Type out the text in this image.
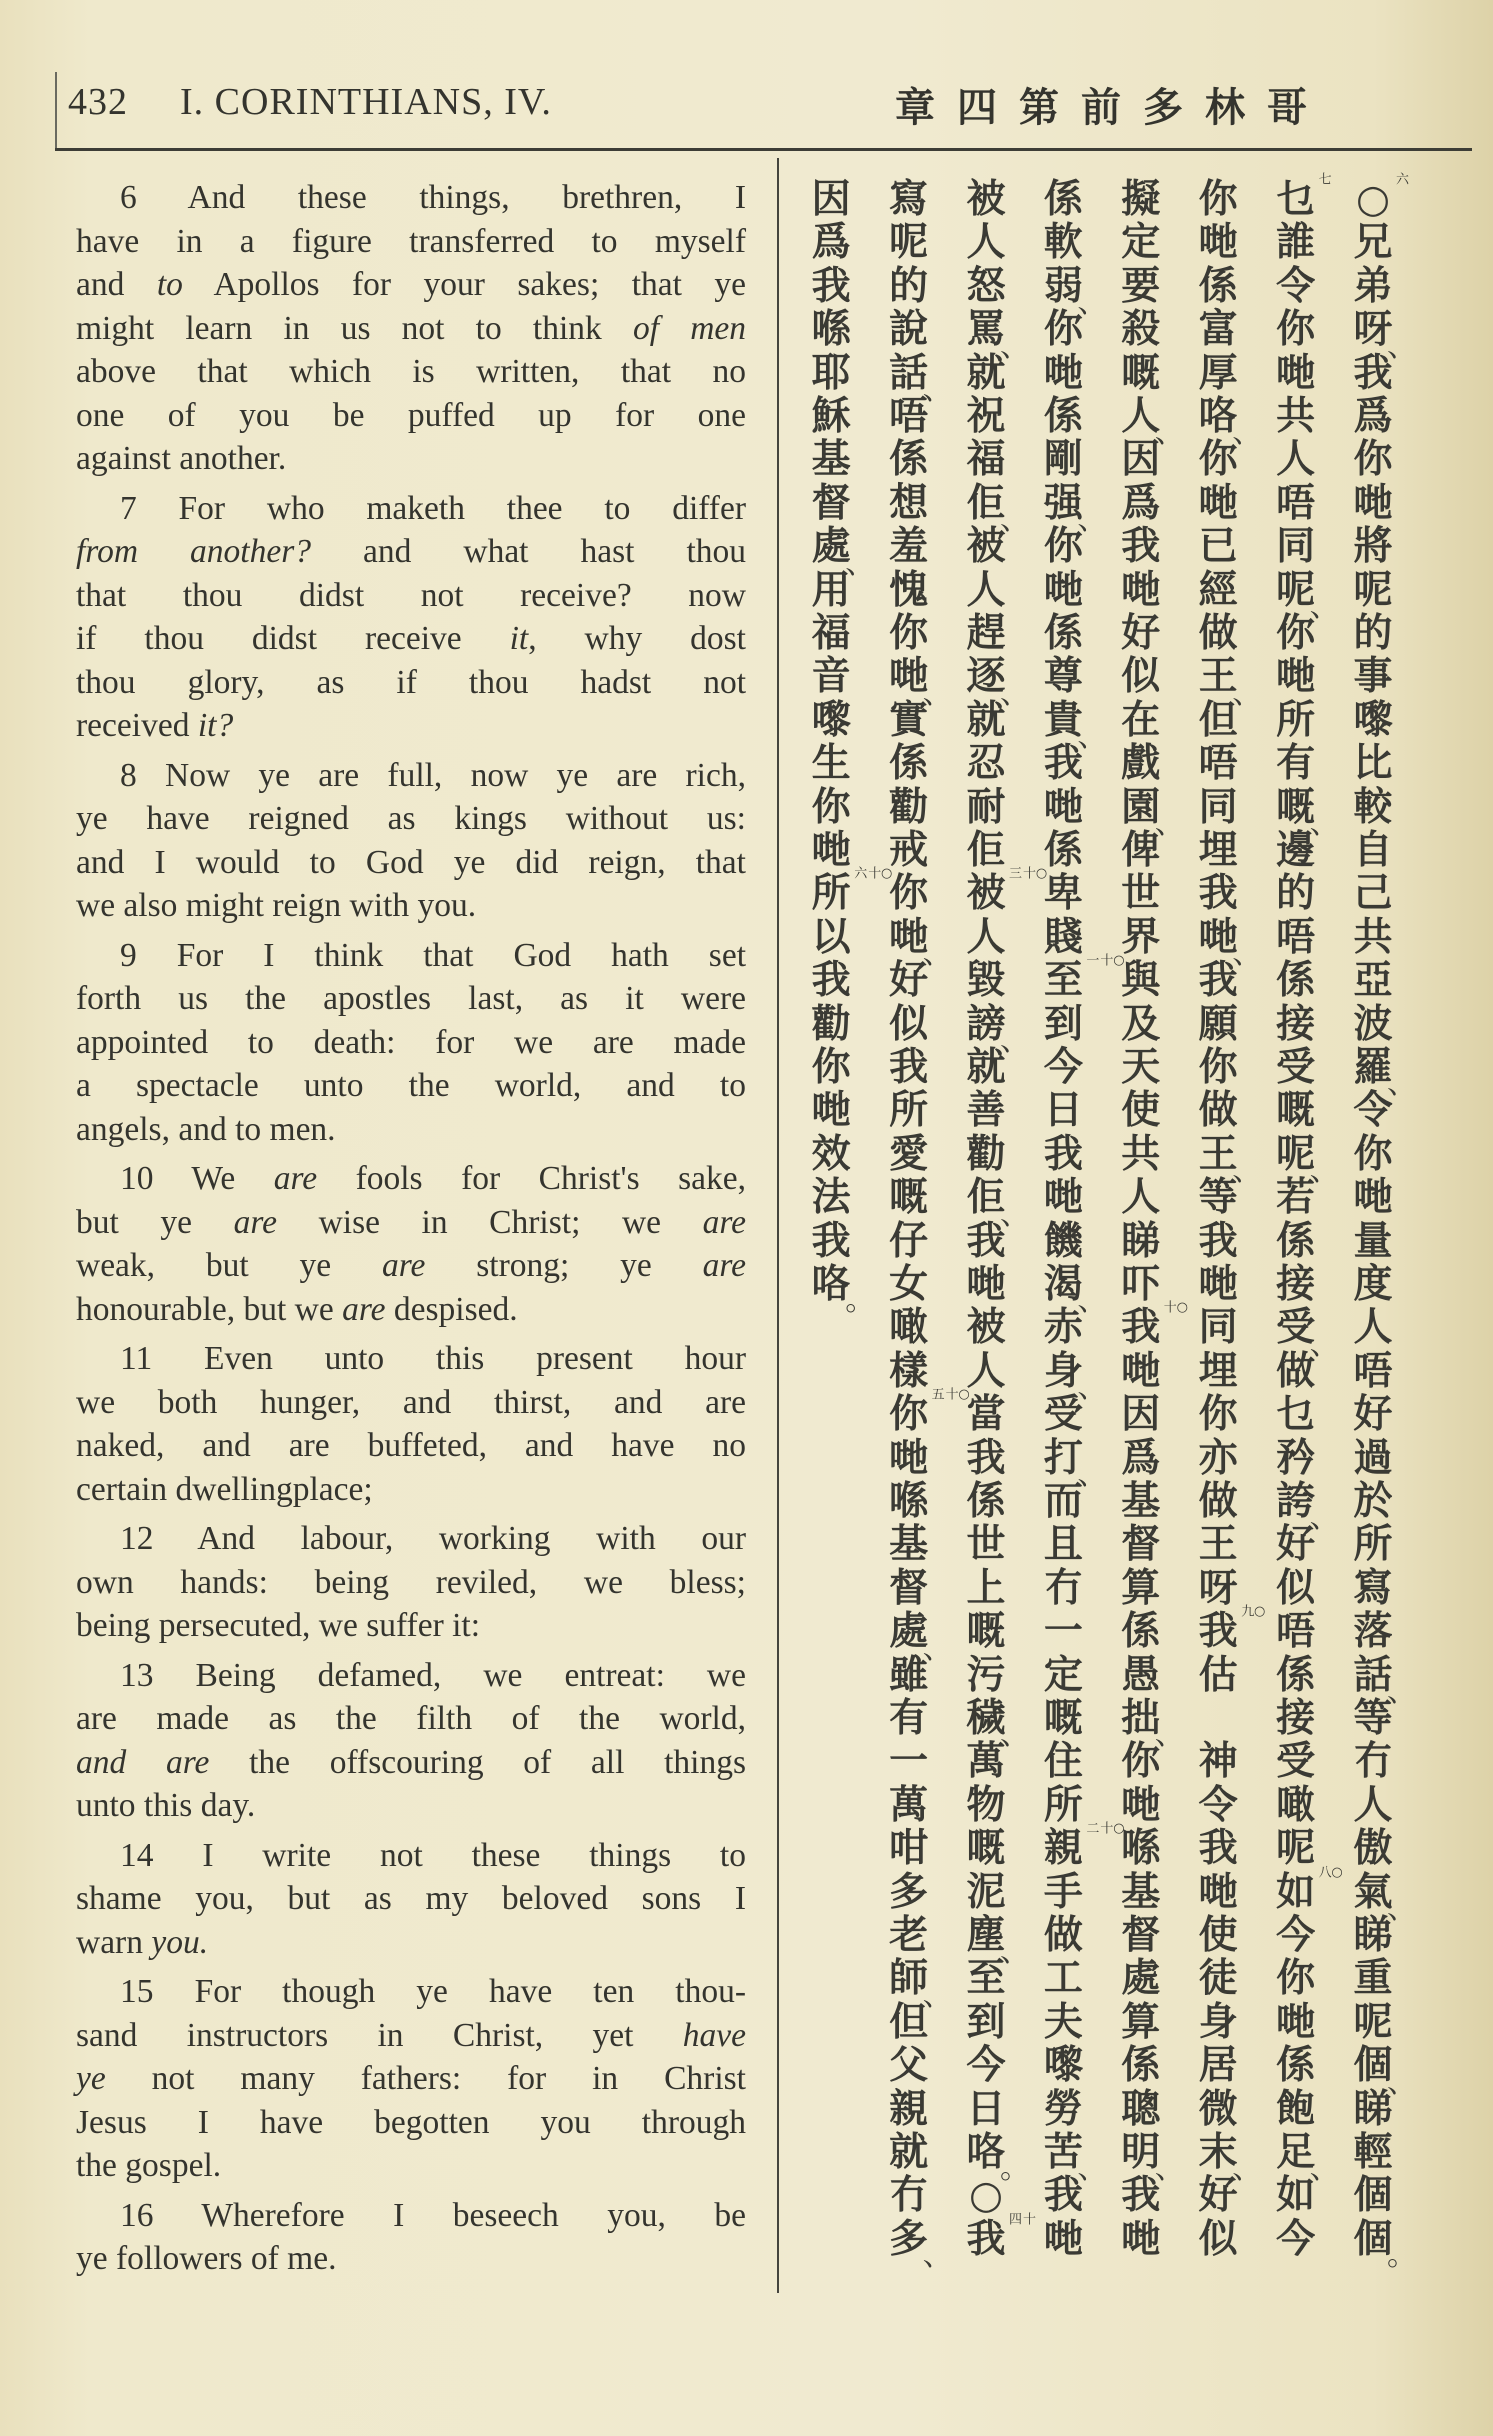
432 I. CORINTHIANS, IV.	章四第前多林哥
6 And these things, brethren, I
have in a figure transferred to myself
and to Apollos for your sakes; that ye
might learn in us not to think of men
above that which is written, that no
one of you be puffed up for one
against another.
7 For who maketh thee to differ
from another? and what hast thou
that thou didst not receive? now
if thou didst receive it, why dost
thou glory, as if thou hadst not
received it?
8 Now ye are full, now ye are rich,
ye have reigned as kings without us:
and I would to God ye did reign, that
we also might reign with you.
9 For I think that God hath set
forth us the apostles last, as it were
appointed to death: for we are made
a spectacle unto the world, and to
angels, and to men.
10 We are fools for Christ's sake,
but ye are wise in Christ; we are
weak, but ye are strong; ye are
honourable, but we are despised.
11 Even unto this present hour
we both hunger, and thirst, and are
naked, and are buffeted, and have no
certain dwellingplace;
12 And labour, working with our
own hands: being reviled, we bless;
being persecuted, we suffer it:
13 Being defamed, we entreat: we
are made as the filth of the world,
and are the offscouring of all things
unto this day.
14 I write not these things to
shame you, but as my beloved sons I
warn you.
15 For though ye have ten thou-
sand instructors in Christ, yet have
ye not many fathers: for in Christ
Jesus I have begotten you through
the gospel.
16 Wherefore I beseech you, be
ye followers of me.
六
○
兄
弟
呀
、
我
爲
你
哋
將
呢
的
事
嚟
比
較
自
己
共
亞
波
羅
、
令
你
哋
量
度
人
唔
好
過
於
所
寫
落
話
、
等
冇
人
傲
氣
、
睇
重
呢
個
、
睇
輕
個
個
。
七
乜
誰
令
你
哋
共
人
唔
同
呢
、
你
哋
所
有
嘅
、
邊
的
唔
係
接
受
嘅
呢
、
若
係
接
受
、
做
乜
矜
誇
、
好
似
唔
係
接
受
噉
呢
○八
如
今
你
哋
係
飽
足
、
如
今
你
哋
係
富
厚
咯
、
你
哋
已
經
做
王
、
但
唔
同
埋
我
哋
、
我
願
你
做
王
、
等
我
哋
同
埋
你
亦
做
王
呀
○九
我
估

神
令
我
哋
使
徒
身
居
微
末
、
好
似
擬
定
要
殺
嘅
人
、
因
爲
我
哋
好
似
在
戲
園
、
俾
世
界
與
及
天
使
共
人
睇
吓
○十
我
哋
因
爲
基
督
算
係
愚
拙
、
你
哋
喺
基
督
處
算
係
聰
明
、
我
哋
係
軟
弱
、
你
哋
係
剛
强
、
你
哋
係
尊
貴
、
我
哋
係
卑
賤
○十一
至
到
今
日
我
哋
饑
渴
、
赤
身
、
受
打
、
而
且
冇
一
定
嘅
住
所
○十二
親
手
做
工
夫
嚟
勞
苦
、
我
哋
被
人
怒
罵
、
就
祝
福
佢
、
被
人
趕
逐
、
就
忍
耐
佢
○十三
被
人
毀
謗
、
就
善
勸
佢
、
我
哋
被
人
當
我
係
世
上
嘅
污
穢
、
萬
物
嘅
泥
塵
、
至
到
今
日
咯
。
○	十四
我
寫
呢
的
說
話
、
唔
係
想
羞
愧
你
哋
、
實
係
勸
戒
你
哋
、
好
似
我
所
愛
嘅
仔
女
噉
樣
○十五
你
哋
喺
基
督
處
、
雖
有
一
萬
咁
多
老
師
、
但
父
親
就
冇
多
、
因
爲
我
喺
耶
穌
基
督
處
、
用
福
音
嚟
生
你
哋
○十六
所
以
我
勸
你
哋
效
法
我
咯
。
